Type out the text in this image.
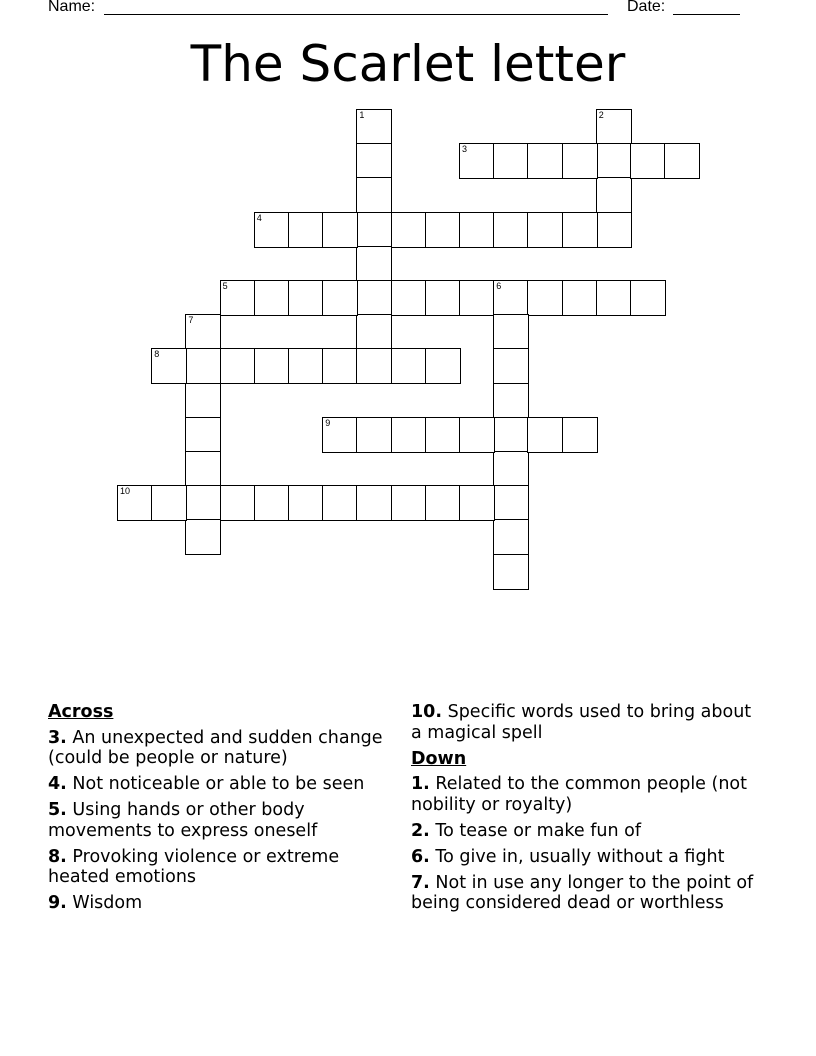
Name:	Date:
The Scarlet letter
1	2
3
4
5	6
7
8
9
10
Across
3. An unexpected and sudden change (could be people or nature)
4. Not noticeable or able to be seen
5. Using hands or other body movements to express oneself
8. Provoking violence or extreme heated emotions
9. Wisdom
10. Specific words used to bring about a magical spell
Down
1. Related to the common people (not nobility or royalty)
2. To tease or make fun of
6. To give in, usually without a fight
7. Not in use any longer to the point of being considered dead or worthless
